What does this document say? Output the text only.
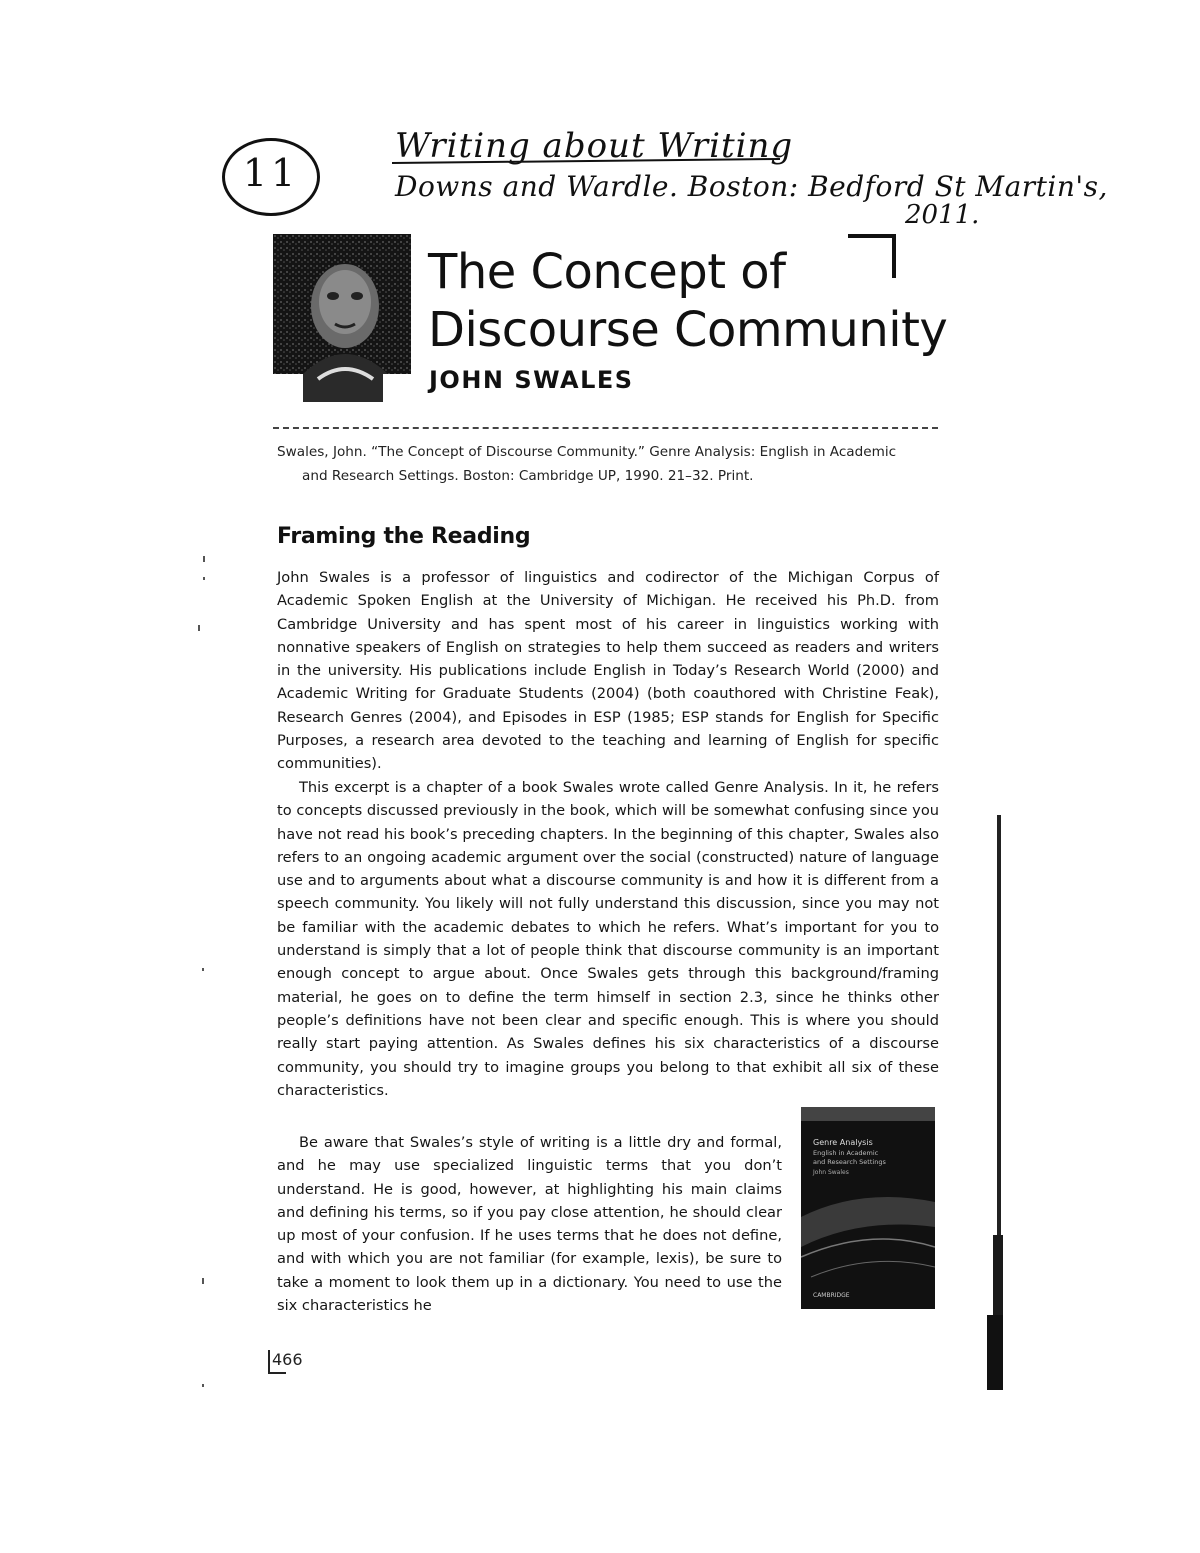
11
Writing about Writing
Downs and Wardle. Boston: Bedford St Martin's,
2011.
The Concept of
Discourse Community
JOHN SWALES
Swales, John. “The Concept of Discourse Community.” Genre Analysis: English in Academic
and Research Settings. Boston: Cambridge UP, 1990. 21–32. Print.
Framing the Reading

John Swales is a professor of linguistics and codirector of the Michigan Corpus of Academic Spoken English at the University of Michigan. He received his Ph.D. from Cambridge University and has spent most of his career in linguistics working with nonnative speakers of English on strategies to help them succeed as readers and writers in the university. His publications include English in Today’s Research World (2000) and Academic Writing for Graduate Students (2004) (both coauthored with Christine Feak), Research Genres (2004), and Episodes in ESP (1985; ESP stands for English for Specific Purposes, a research area devoted to the teaching and learning of English for specific communities).

This excerpt is a chapter of a book Swales wrote called Genre Analysis. In it, he refers to concepts discussed previously in the book, which will be somewhat confusing since you have not read his book’s preceding chapters. In the beginning of this chapter, Swales also refers to an ongoing academic argument over the social (constructed) nature of language use and to arguments about what a discourse community is and how it is different from a speech community. You likely will not fully understand this discussion, since you may not be familiar with the academic debates to which he refers. What’s important for you to understand is simply that a lot of people think that discourse community is an important enough concept to argue about. Once Swales gets through this background/framing material, he goes on to define the term himself in section 2.3, since he thinks other people’s definitions have not been clear and specific enough. This is where you should really start paying attention. As Swales defines his six characteristics of a discourse community, you should try to imagine groups you belong to that exhibit all six of these characteristics.

Be aware that Swales’s style of writing is a little dry and formal, and he may use specialized linguistic terms that you don’t understand. He is good, however, at highlighting his main claims and defining his terms, so if you pay close attention, he should clear up most of your confusion. If he uses terms that he does not define, and with which you are not familiar (for example, lexis), be sure to take a moment to look them up in a dictionary. You need to use the six characteristics he

Genre Analysis
English in Academic
and Research Settings
John Swales
CAMBRIDGE
466
